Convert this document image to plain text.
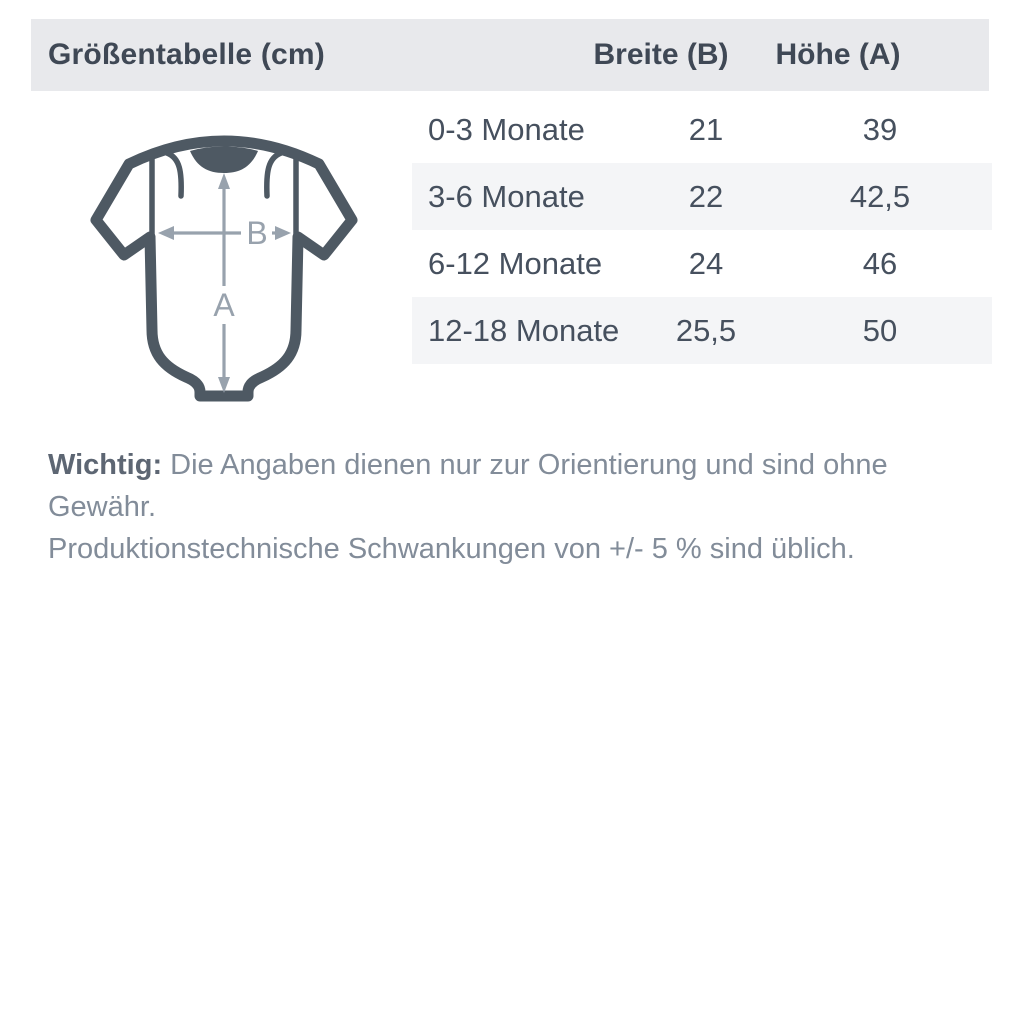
Größentabelle (cm)	Breite (B) Höhe (A)
A
B
0-3 Monate	21	39
3-6 Monate	22	42,5
6-12 Monate	24	46
12-18 Monate	25,5	50
Wichtig: Die Angaben dienen nur zur Orientierung und sind ohne Gewähr.
Produktionstechnische Schwankungen von +/- 5 % sind üblich.
